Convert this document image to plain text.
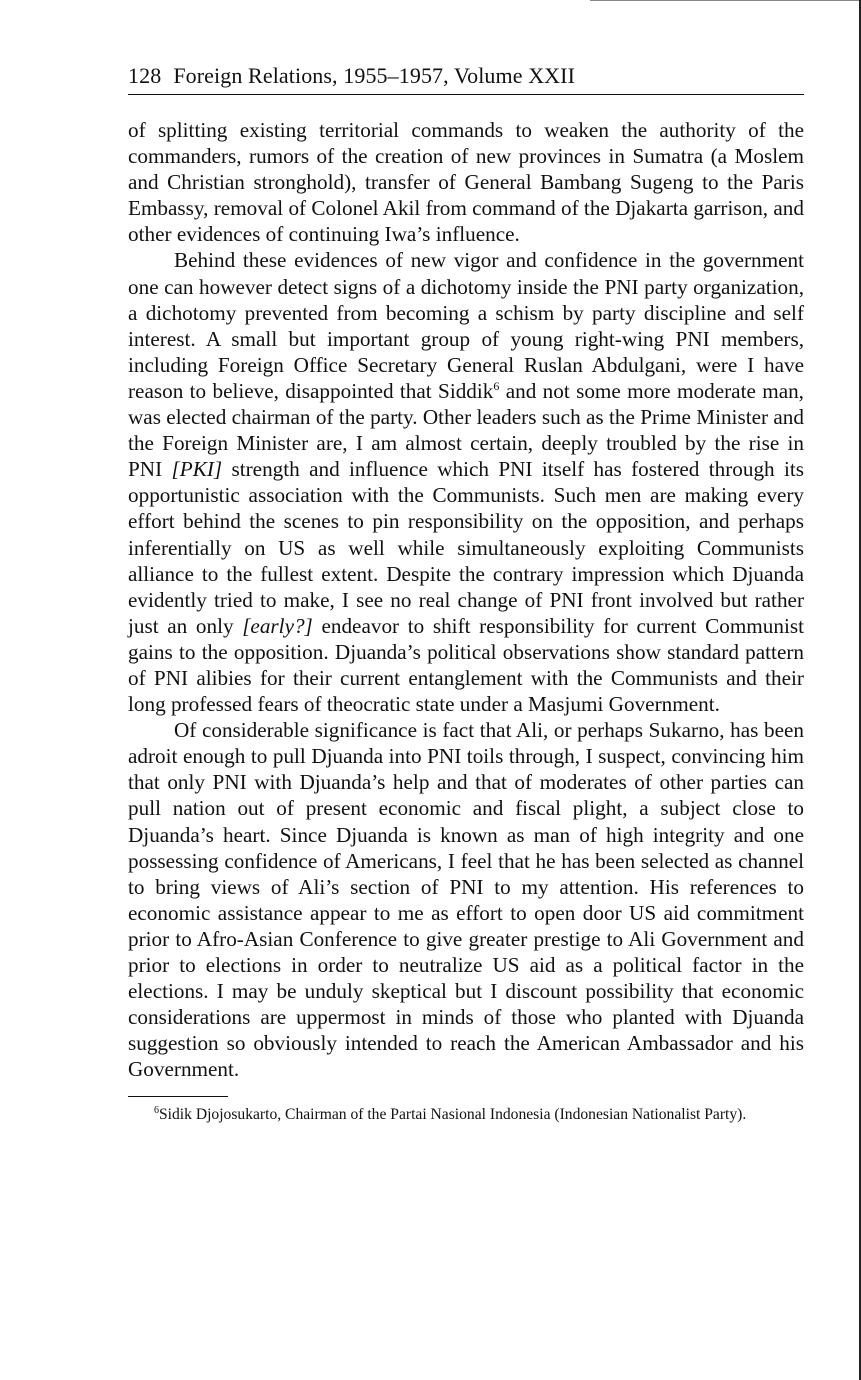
128 Foreign Relations, 1955–1957, Volume XXII

of splitting existing territorial commands to weaken the authority of the commanders, rumors of the creation of new provinces in Sumatra (a Moslem and Christian stronghold), transfer of General Bambang Sugeng to the Paris Embassy, removal of Colonel Akil from command of the Djakarta garrison, and other evidences of continuing Iwa’s influence.

Behind these evidences of new vigor and confidence in the government one can however detect signs of a dichotomy inside the PNI party organization, a dichotomy prevented from becoming a schism by party discipline and self interest. A small but important group of young right-wing PNI members, including Foreign Office Secretary General Ruslan Abdulgani, were I have reason to believe, disappointed that Siddik$^6$ and not some more moderate man, was elected chairman of the party. Other leaders such as the Prime Minister and the Foreign Minister are, I am almost certain, deeply troubled by the rise in PNI [PKI] strength and influence which PNI itself has fostered through its opportunistic association with the Communists. Such men are making every effort behind the scenes to pin responsibility on the opposition, and perhaps inferentially on US as well while simultaneously exploiting Communists alliance to the fullest extent. Despite the contrary impression which Djuanda evidently tried to make, I see no real change of PNI front involved but rather just an only [early?] endeavor to shift responsibility for current Communist gains to the opposition. Djuanda’s political observations show standard pattern of PNI alibies for their current entanglement with the Communists and their long professed fears of theocratic state under a Masjumi Government.

Of considerable significance is fact that Ali, or perhaps Sukarno, has been adroit enough to pull Djuanda into PNI toils through, I suspect, convincing him that only PNI with Djuanda’s help and that of moderates of other parties can pull nation out of present economic and fiscal plight, a subject close to Djuanda’s heart. Since Djuanda is known as man of high integrity and one possessing confidence of Americans, I feel that he has been selected as channel to bring views of Ali’s section of PNI to my attention. His references to economic assistance appear to me as effort to open door US aid commitment prior to Afro-Asian Conference to give greater prestige to Ali Government and prior to elections in order to neutralize US aid as a political factor in the elections. I may be unduly skeptical but I discount possibility that economic considerations are uppermost in minds of those who planted with Djuanda suggestion so obviously intended to reach the American Ambassador and his Government.

$^6$Sidik Djojosukarto, Chairman of the Partai Nasional Indonesia (Indonesian Nationalist Party).
